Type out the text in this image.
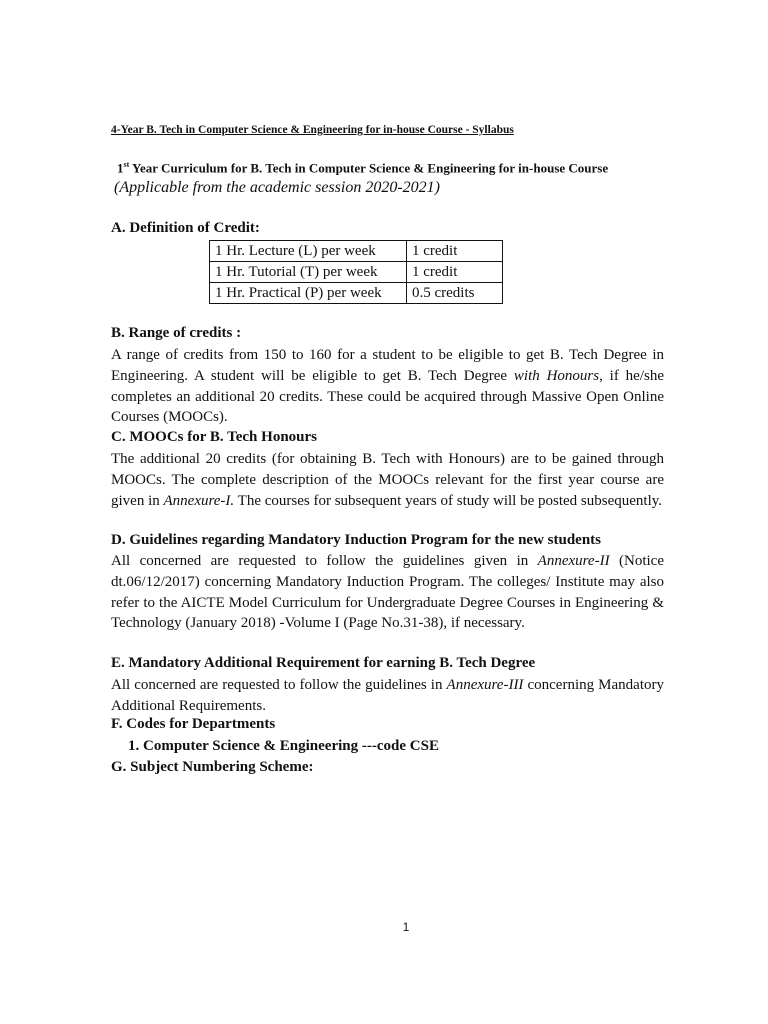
4-Year B. Tech in Computer Science & Engineering for in-house Course - Syllabus
1st Year Curriculum for B. Tech in Computer Science & Engineering for in-house Course
(Applicable from the academic session 2020-2021)
A. Definition of Credit:
1 Hr. Lecture (L) per week	1 credit
1 Hr. Tutorial (T) per week	1 credit
1 Hr. Practical (P) per week	0.5 credits
B. Range of credits :
A range of credits from 150 to 160 for a student to be eligible to get B. Tech Degree in Engineering. A student will be eligible to get B. Tech Degree with Honours, if he/she completes an additional 20 credits. These could be acquired through Massive Open Online Courses (MOOCs).
C. MOOCs for B. Tech Honours
The additional 20 credits (for obtaining B. Tech with Honours) are to be gained through MOOCs. The complete description of the MOOCs relevant for the first year course are given in Annexure-I. The courses for subsequent years of study will be posted subsequently.
D. Guidelines regarding Mandatory Induction Program for the new students
All concerned are requested to follow the guidelines given in Annexure-II (Notice dt.06/12/2017) concerning Mandatory Induction Program. The colleges/ Institute may also refer to the AICTE Model Curriculum for Undergraduate Degree Courses in Engineering & Technology (January 2018) -Volume I (Page No.31-38), if necessary.
E. Mandatory Additional Requirement for earning B. Tech Degree
All concerned are requested to follow the guidelines in Annexure-III concerning Mandatory Additional Requirements.
F. Codes for Departments
1. Computer Science & Engineering ---code CSE
G. Subject Numbering Scheme:
1
